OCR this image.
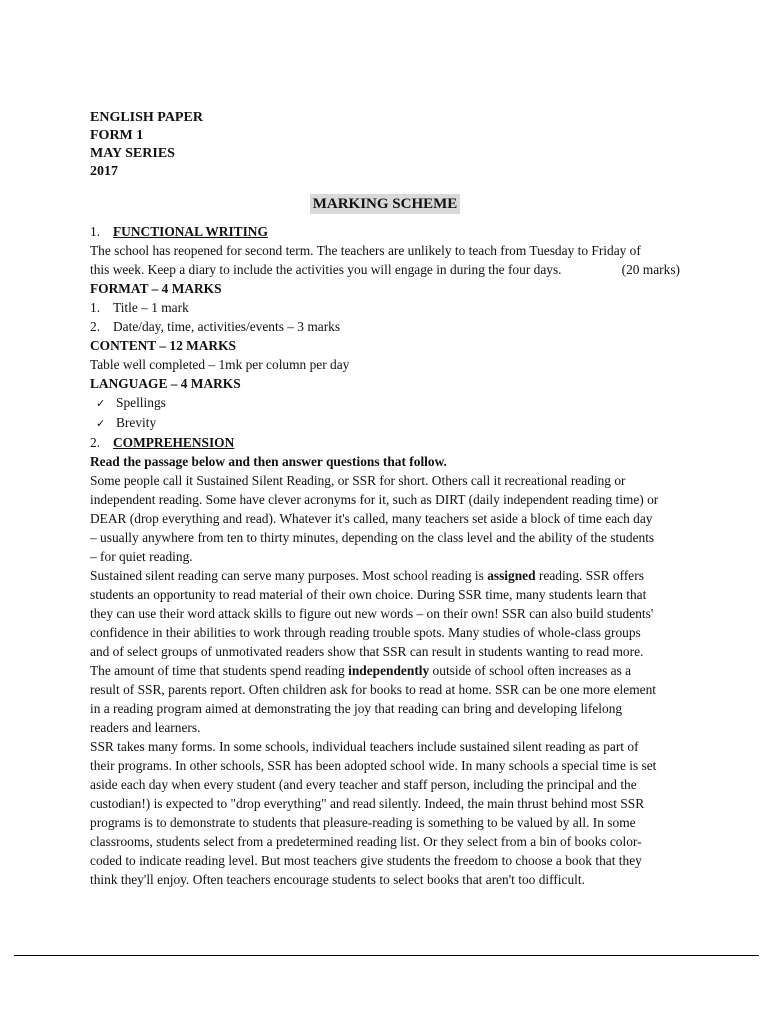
ENGLISH PAPER
FORM 1
MAY SERIES
2017
MARKING SCHEME
1. FUNCTIONAL WRITING
The school has reopened for second term. The teachers are unlikely to teach from Tuesday to Friday of
this week. Keep a diary to include the activities you will engage in during the four days.	(20 marks)
FORMAT – 4 MARKS
1. Title – 1 mark
2. Date/day, time, activities/events – 3 marks
CONTENT – 12 MARKS
Table well completed – 1mk per column per day
LANGUAGE – 4 MARKS
✓ Spellings
✓ Brevity
2. COMPREHENSION
Read the passage below and then answer questions that follow.
Some people call it Sustained Silent Reading, or SSR for short. Others call it recreational reading or
independent reading. Some have clever acronyms for it, such as DIRT (daily independent reading time) or
DEAR (drop everything and read). Whatever it's called, many teachers set aside a block of time each day
– usually anywhere from ten to thirty minutes, depending on the class level and the ability of the students
– for quiet reading.
Sustained silent reading can serve many purposes. Most school reading is assigned reading. SSR offers
students an opportunity to read material of their own choice. During SSR time, many students learn that
they can use their word attack skills to figure out new words – on their own! SSR can also build students'
confidence in their abilities to work through reading trouble spots. Many studies of whole-class groups
and of select groups of unmotivated readers show that SSR can result in students wanting to read more.
The amount of time that students spend reading independently outside of school often increases as a
result of SSR, parents report. Often children ask for books to read at home. SSR can be one more element
in a reading program aimed at demonstrating the joy that reading can bring and developing lifelong
readers and learners.
SSR takes many forms. In some schools, individual teachers include sustained silent reading as part of
their programs. In other schools, SSR has been adopted school wide. In many schools a special time is set
aside each day when every student (and every teacher and staff person, including the principal and the
custodian!) is expected to "drop everything" and read silently. Indeed, the main thrust behind most SSR
programs is to demonstrate to students that pleasure-reading is something to be valued by all. In some
classrooms, students select from a predetermined reading list. Or they select from a bin of books color-
coded to indicate reading level. But most teachers give students the freedom to choose a book that they
think they'll enjoy. Often teachers encourage students to select books that aren't too difficult.
